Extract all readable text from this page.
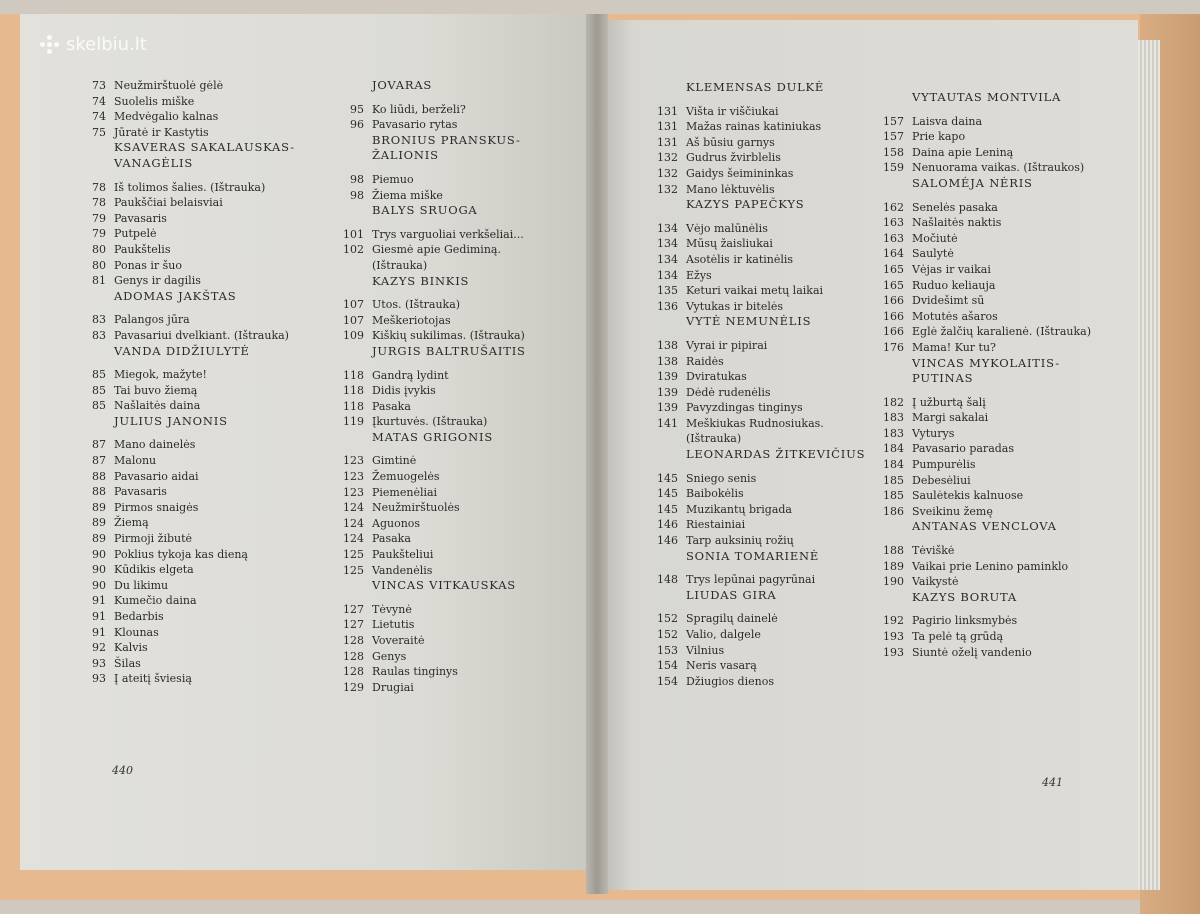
skelbiu.lt
73 Neužmirštuolė gėlė
74 Suolelis miške
74 Medvėgalio kalnas
75 Jūratė ir Kastytis
KSAVERAS SAKALAUSKAS-VANAGĖLIS
78 Iš tolimos šalies. (Ištrauka)
78 Paukščiai belaisviai
79 Pavasaris
79 Putpelė
80 Paukštelis
80 Ponas ir šuo
81 Genys ir dagilis
ADOMAS JAKŠTAS
83 Palangos jūra
83 Pavasariui dvelkiant. (Ištrauka)
VANDA DIDŽIULYTĖ
85 Miegok, mažyte!
85 Tai buvo žiemą
85 Našlaitės daina
JULIUS JANONIS
87 Mano dainelės
87 Malonu
88 Pavasario aidai
88 Pavasaris
89 Pirmos snaigės
89 Žiemą
89 Pirmoji žibutė
90 Poklius tykoja kas dieną
90 Kūdikis elgeta
90 Du likimu
91 Kumečio daina
91 Bedarbis
91 Klounas
92 Kalvis
93 Šilas
93 Į ateitį šviesią
JOVARAS
95 Ko liūdi, berželi?
96 Pavasario rytas
BRONIUS PRANSKUS-ŽALIONIS
98 Piemuo
98 Žiema miške
BALYS SRUOGA
101 Trys varguoliai verkšeliai...
102 Giesmė apie Gediminą. (Ištrauka)
KAZYS BINKIS
107 Utos. (Ištrauka)
107 Meškeriotojas
109 Kiškių sukilimas. (Ištrauka)
JURGIS BALTRUŠAITIS
118 Gandrą lydint
118 Didis įvykis
118 Pasaka
119 Įkurtuvės. (Ištrauka)
MATAS GRIGONIS
123 Gimtinė
123 Žemuogelės
123 Piemenėliai
124 Neužmirštuolės
124 Aguonos
124 Pasaka
125 Paukšteliui
125 Vandenėlis
VINCAS VITKAUSKAS
127 Tėvynė
127 Lietutis
128 Voveraitė
128 Genys
128 Raulas tinginys
129 Drugiai
KLEMENSAS DULKĖ
131 Višta ir viščiukai
131 Mažas rainas katiniukas
131 Aš būsiu garnys
132 Gudrus žvirblelis
132 Gaidys šeimininkas
132 Mano lėktuvėlis
KAZYS PAPEČKYS
134 Vėjo malūnėlis
134 Mūsų žaisliukai
134 Asotėlis ir katinėlis
134 Ežys
135 Keturi vaikai metų laikai
136 Vytukas ir bitelės
VYTĖ NEMUNĖLIS
138 Vyrai ir pipirai
138 Raidės
139 Dviratukas
139 Dėdė rudenėlis
139 Pavyzdingas tinginys
141 Meškiukas Rudnosiukas. (Ištrauka)
LEONARDAS ŽITKEVIČIUS
145 Sniego senis
145 Baibokėlis
145 Muzikantų brigada
146 Riestainiai
146 Tarp auksinių rožių
SONIA TOMARIENĖ
148 Trys lepūnai pagyrūnai
LIUDAS GIRA
152 Spragilų dainelė
152 Valio, dalgele
153 Vilnius
154 Neris vasarą
154 Džiugios dienos
VYTAUTAS MONTVILA
157 Laisva daina
157 Prie kapo
158 Daina apie Leniną
159 Nenuorama vaikas. (Ištraukos)
SALOMĖJA NĖRIS
162 Senelės pasaka
163 Našlaitės naktis
163 Močiutė
164 Saulytė
165 Vėjas ir vaikai
165 Ruduo keliauja
166 Dvidešimt sū
166 Motutės ašaros
166 Eglė žalčių karalienė. (Ištrauka)
176 Mama! Kur tu?
VINCAS MYKOLAITIS-PUTINAS
182 Į užburtą šalį
183 Margi sakalai
183 Vyturys
184 Pavasario paradas
184 Pumpurėlis
185 Debesėliui
185 Saulėtekis kalnuose
186 Sveikinu žemę
ANTANAS VENCLOVA
188 Tėviškė
189 Vaikai prie Lenino paminklo
190 Vaikystė
KAZYS BORUTA
192 Pagirio linksmybės
193 Ta pelė tą grūdą
193 Siuntė oželį vandenio
440
441
